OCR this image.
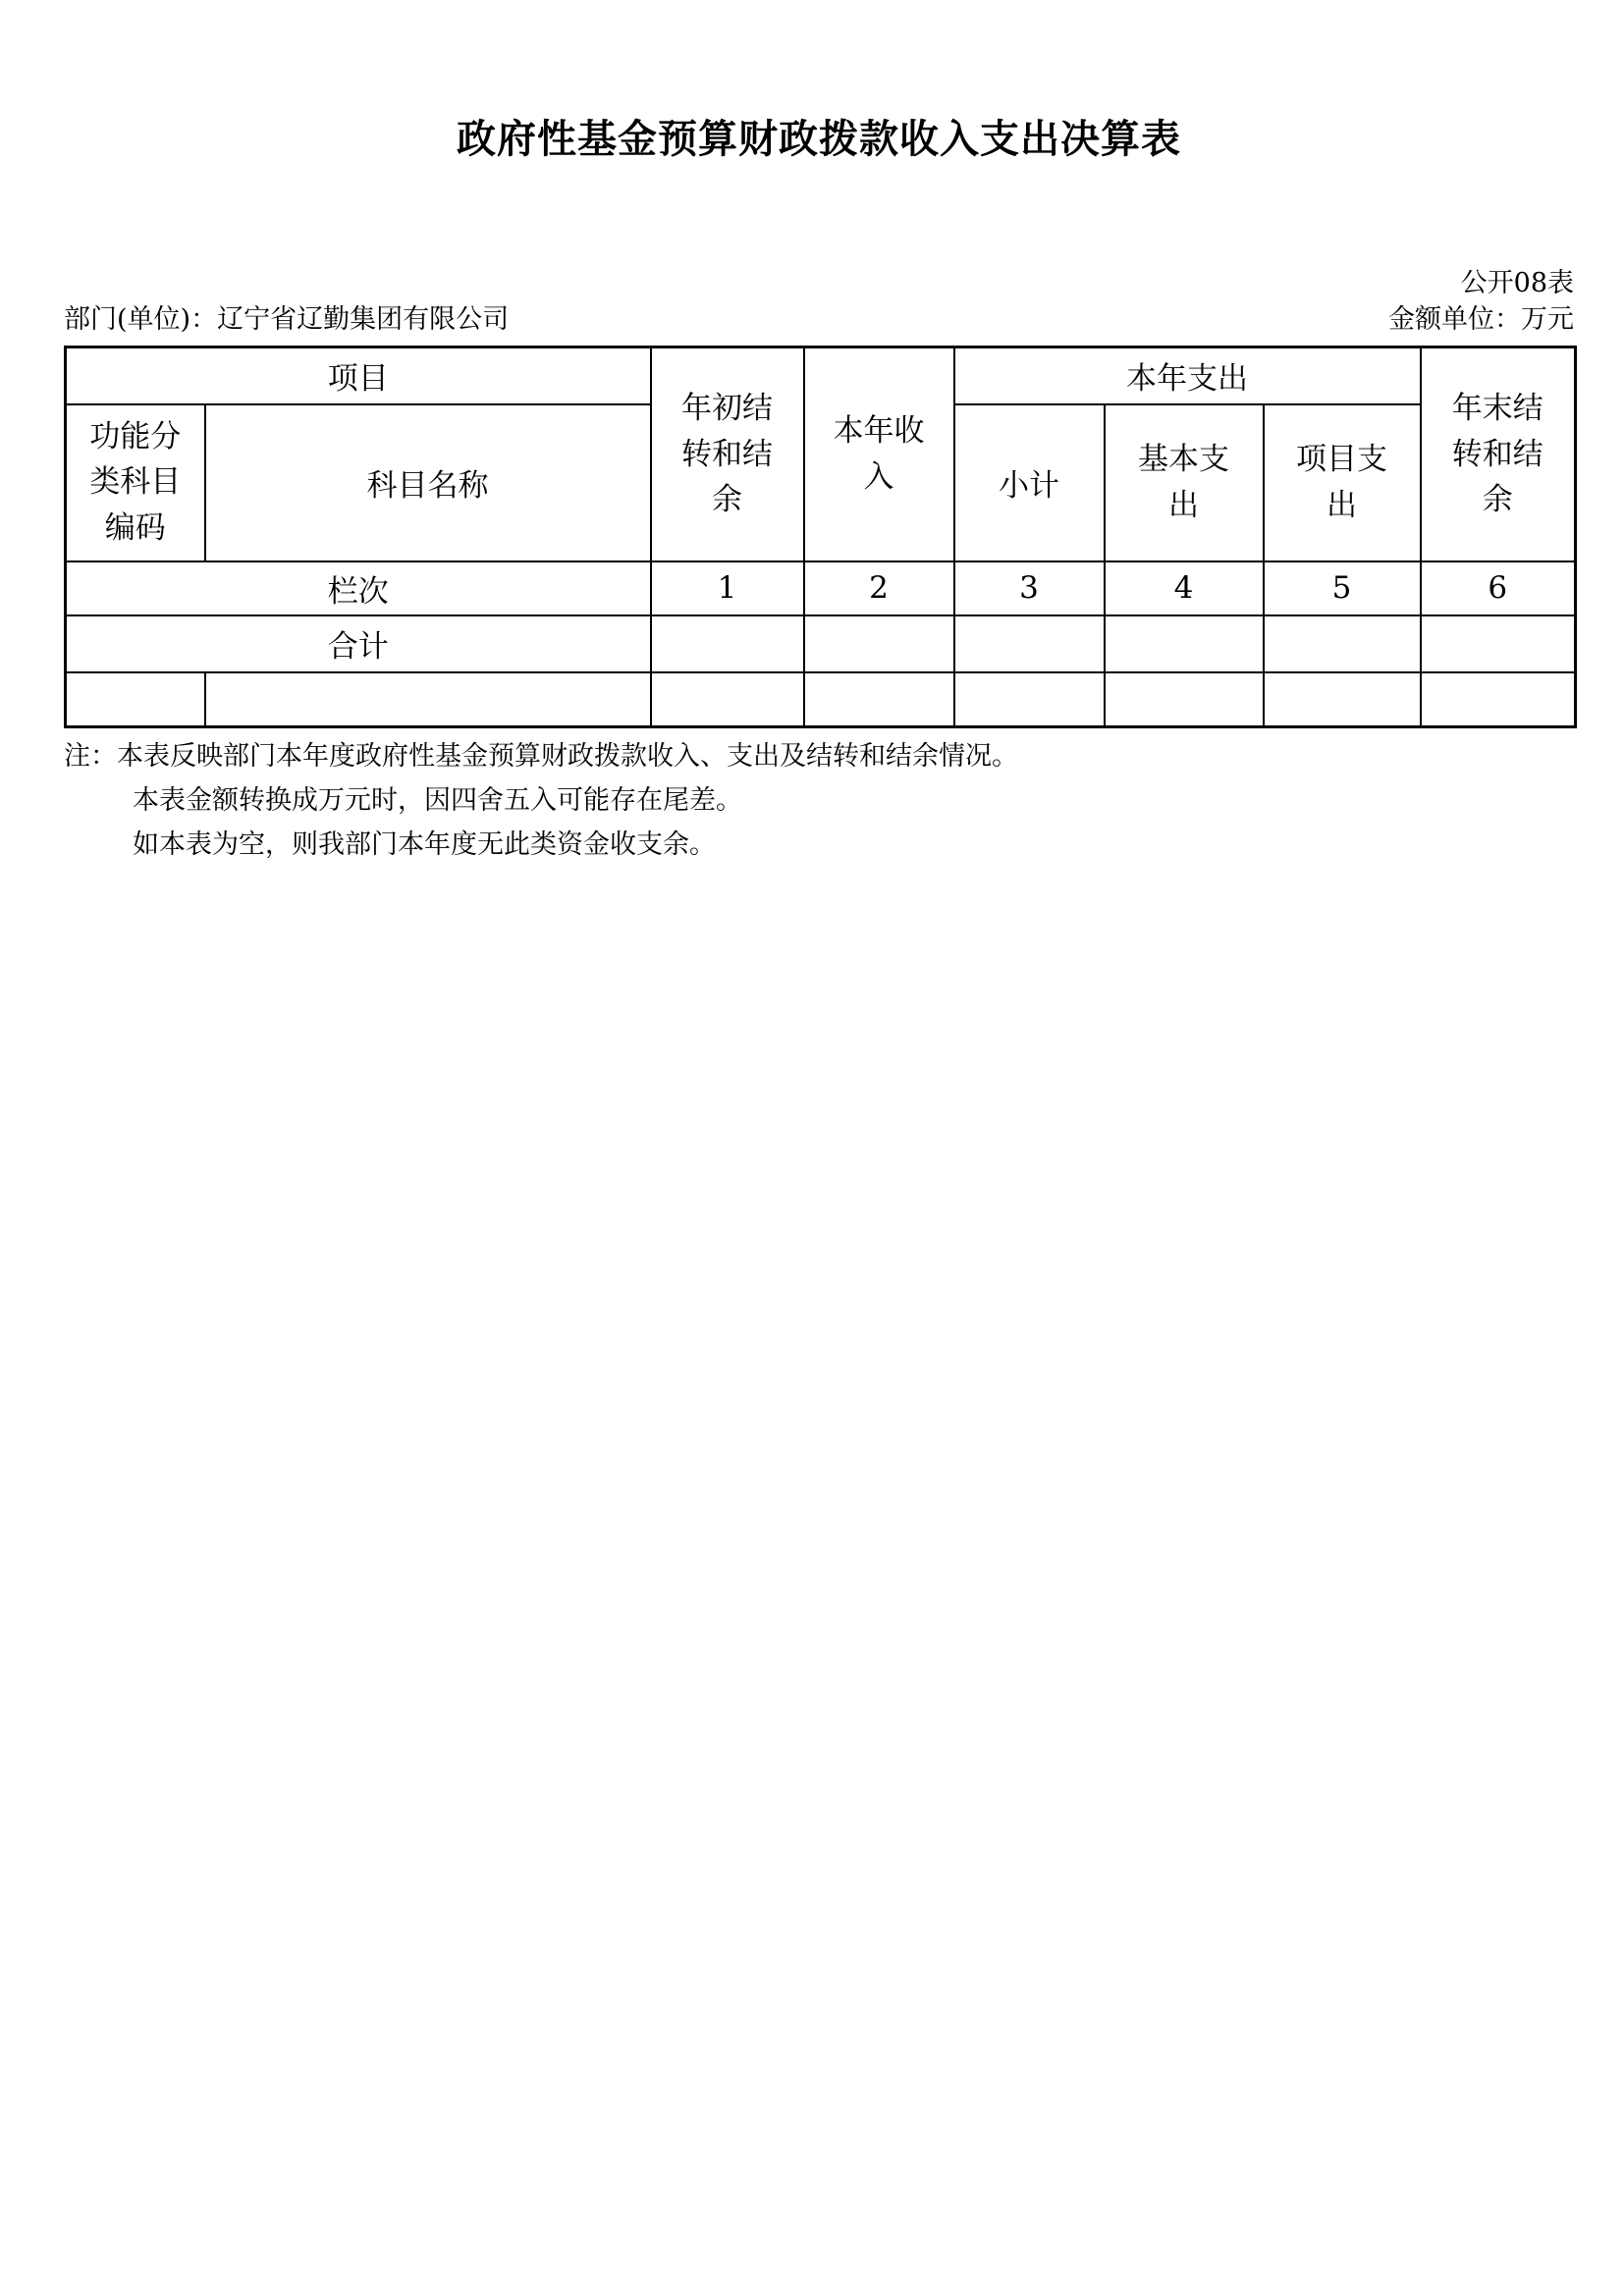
政府性基金预算财政拨款收入支出决算表
公开08表
部门(单位)：辽宁省辽勤集团有限公司	金额单位：万元
项目		年初结转和结余	本年收入	本年支出			年末结转和结余
功能分类科目编码	科目名称			小计	基本支出	项目支出	
栏次		1	2	3	4	5	6
合计							

注：本表反映部门本年度政府性基金预算财政拨款收入、支出及结转和结余情况。
本表金额转换成万元时，因四舍五入可能存在尾差。
如本表为空，则我部门本年度无此类资金收支余。
